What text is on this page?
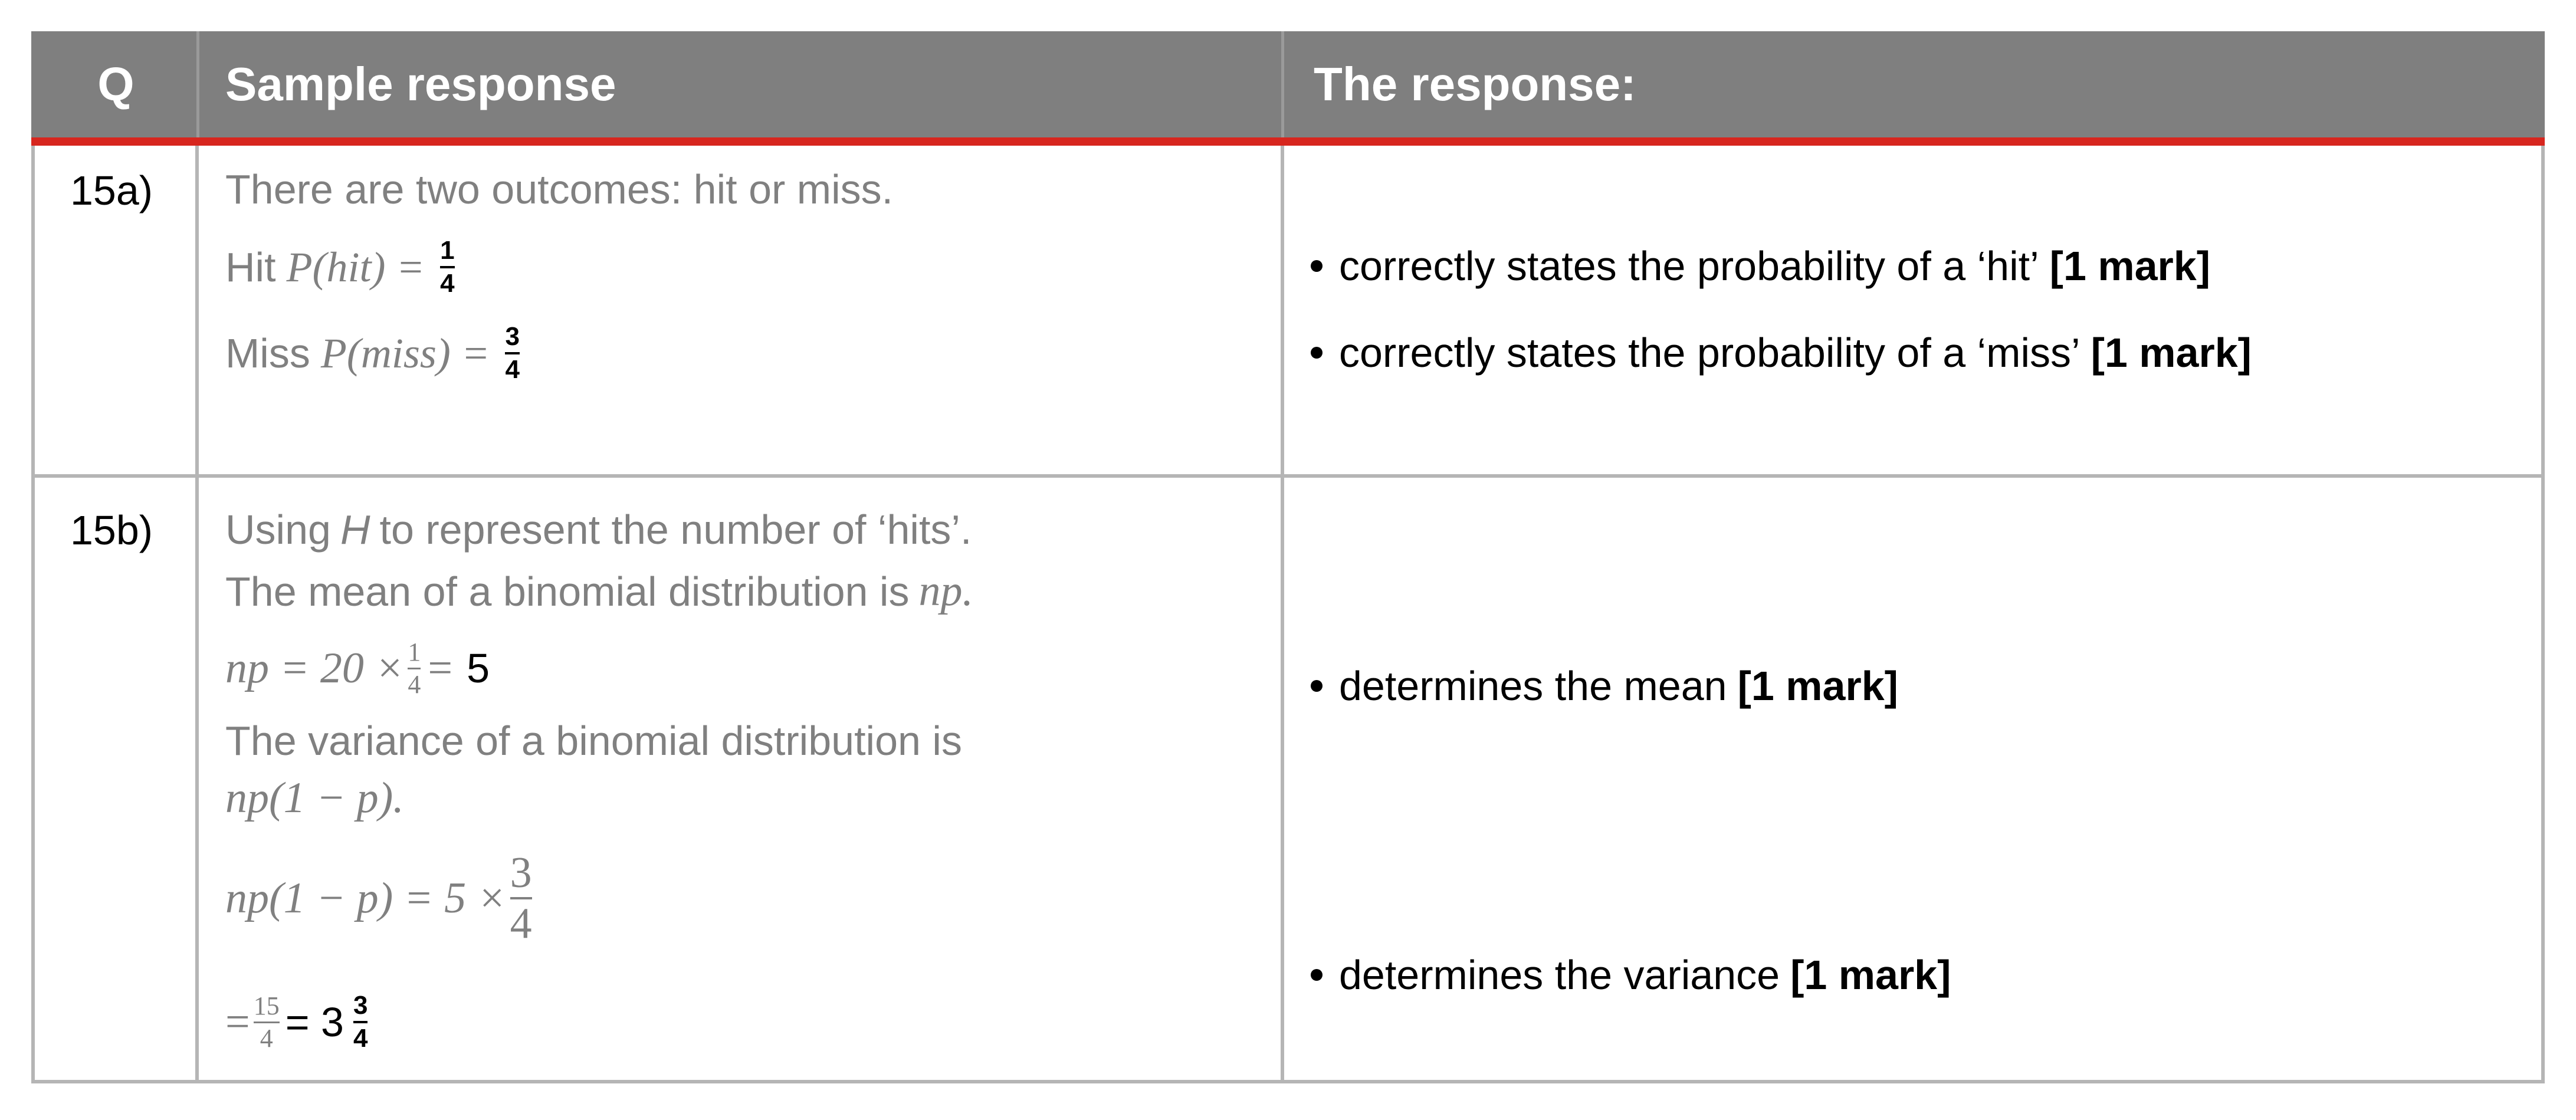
Q	Sample response	The response:
15a) There are two outcomes: hit or miss.
Hit $P(hit) = \frac{1}{4}$
Miss P(miss) = $\frac{3}{4}$
correctly states the probability of a ‘hit’ [1 mark]
correctly states the probability of a ‘miss’ [1 mark]
15b) Using H to represent the number of ‘hits’.
The mean of a binomial distribution is np.
np = $20 \times \frac{1}{4} = 5$
The variance of a binomial distribution is
np(1 − p).
$np(1 - p) = 5 \times \frac{3}{4}$
= $\frac{15}{4} = 3 \frac{3}{4}$
determines the mean [1 mark]
determines the variance [1 mark]
